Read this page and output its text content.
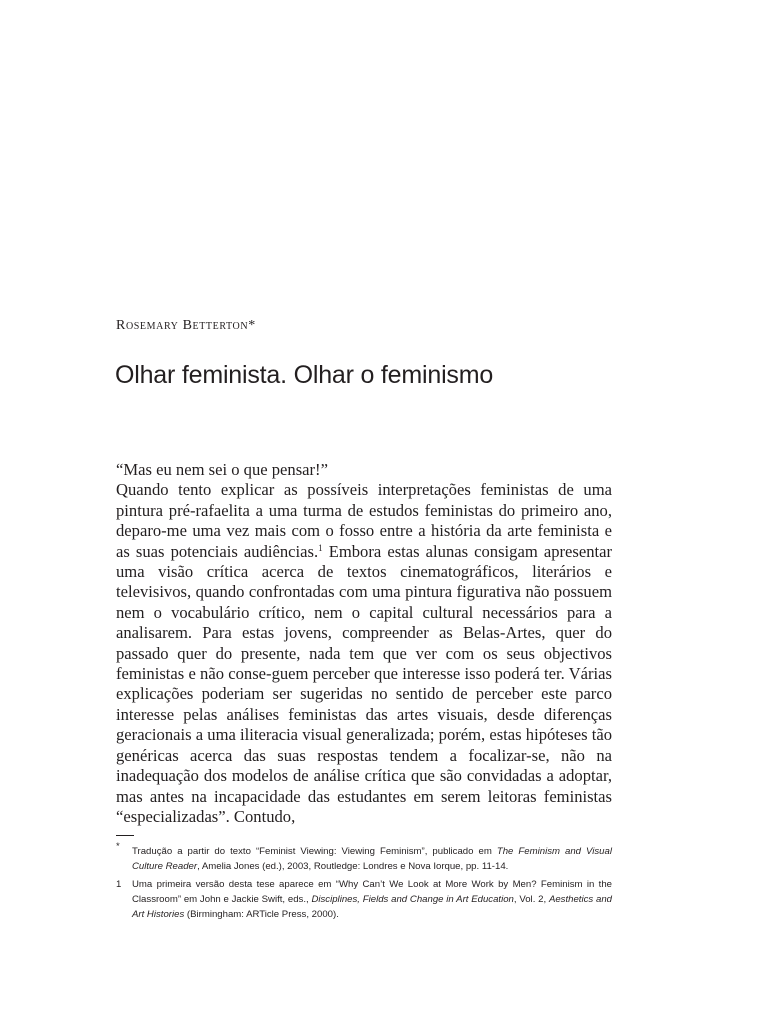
Rosemary Betterton*

Olhar feminista. Olhar o feminismo

“Mas eu nem sei o que pensar!”

Quando tento explicar as possíveis interpretações feministas de uma pintura pré-rafaelita a uma turma de estudos feministas do primeiro ano, deparo-me uma vez mais com o fosso entre a história da arte feminista e as suas potenciais audiências.$^1$ Embora estas alunas consigam apresentar uma visão crítica acerca de textos cinematográficos, literários e televisivos, quando confrontadas com uma pintura figurativa não possuem nem o vocabulário crítico, nem o capital cultural necessários para a analisarem. Para estas jovens, compreender as Belas-Artes, quer do passado quer do presente, nada tem que ver com os seus objectivos feministas e não conse-guem perceber que interesse isso poderá ter. Várias explicações poderiam ser sugeridas no sentido de perceber este parco interesse pelas análises feministas das artes visuais, desde diferenças geracionais a uma iliteracia visual generalizada; porém, estas hipóteses tão genéricas acerca das suas respostas tendem a focalizar-se, não na inadequação dos modelos de análise crítica que são convidadas a adoptar, mas antes na incapacidade das estudantes em serem leitoras feministas “especializadas”. Contudo,

* Tradução a partir do texto “Feminist Viewing: Viewing Feminism”, publicado em The Feminism and Visual Culture Reader, Amelia Jones (ed.), 2003, Routledge: Londres e Nova Iorque, pp. 11-14.

1 Uma primeira versão desta tese aparece em “Why Can’t We Look at More Work by Men? Feminism in the Classroom” em John e Jackie Swift, eds., Disciplines, Fields and Change in Art Education, Vol. 2, Aesthetics and Art Histories (Birmingham: ARTicle Press, 2000).
